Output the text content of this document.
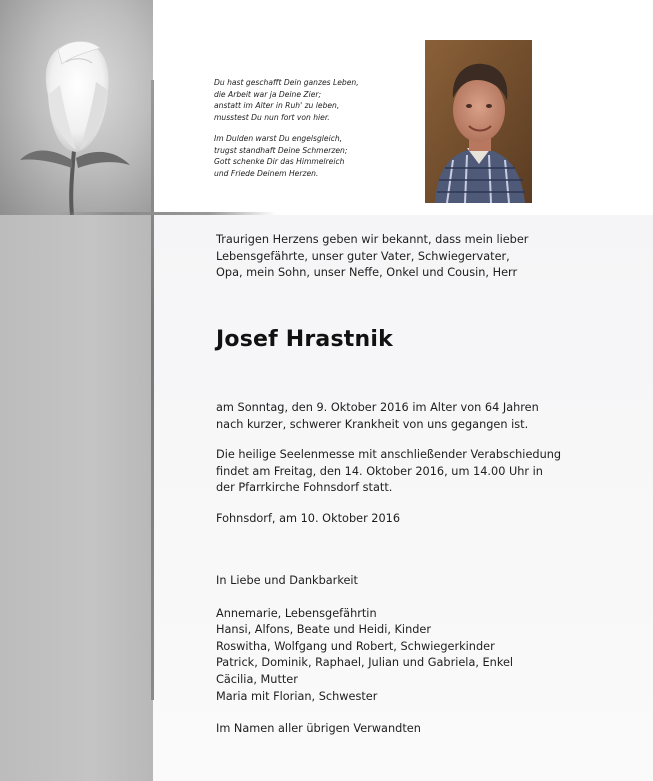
Du hast geschafft Dein ganzes Leben,

die Arbeit war ja Deine Zier;

anstatt im Alter in Ruh' zu leben,

musstest Du nun fort von hier.

Im Dulden warst Du engelsgleich,

trugst standhaft Deine Schmerzen;

Gott schenke Dir das Himmelreich

und Friede Deinem Herzen.

Traurigen Herzens geben wir bekannt, dass mein lieber

Lebensgefährte, unser guter Vater, Schwiegervater,

Opa, mein Sohn, unser Neffe, Onkel und Cousin, Herr

Josef Hrastnik

am Sonntag, den 9. Oktober 2016 im Alter von 64 Jahren

nach kurzer, schwerer Krankheit von uns gegangen ist.

Die heilige Seelenmesse mit anschließender Verabschiedung

findet am Freitag, den 14. Oktober 2016, um 14.00 Uhr in

der Pfarrkirche Fohnsdorf statt.

Fohnsdorf, am 10. Oktober 2016

In Liebe und Dankbarkeit

Annemarie, Lebensgefährtin

Hansi, Alfons, Beate und Heidi, Kinder

Roswitha, Wolfgang und Robert, Schwiegerkinder

Patrick, Dominik, Raphael, Julian und Gabriela, Enkel

Cäcilia, Mutter

Maria mit Florian, Schwester

Im Namen aller übrigen Verwandten
